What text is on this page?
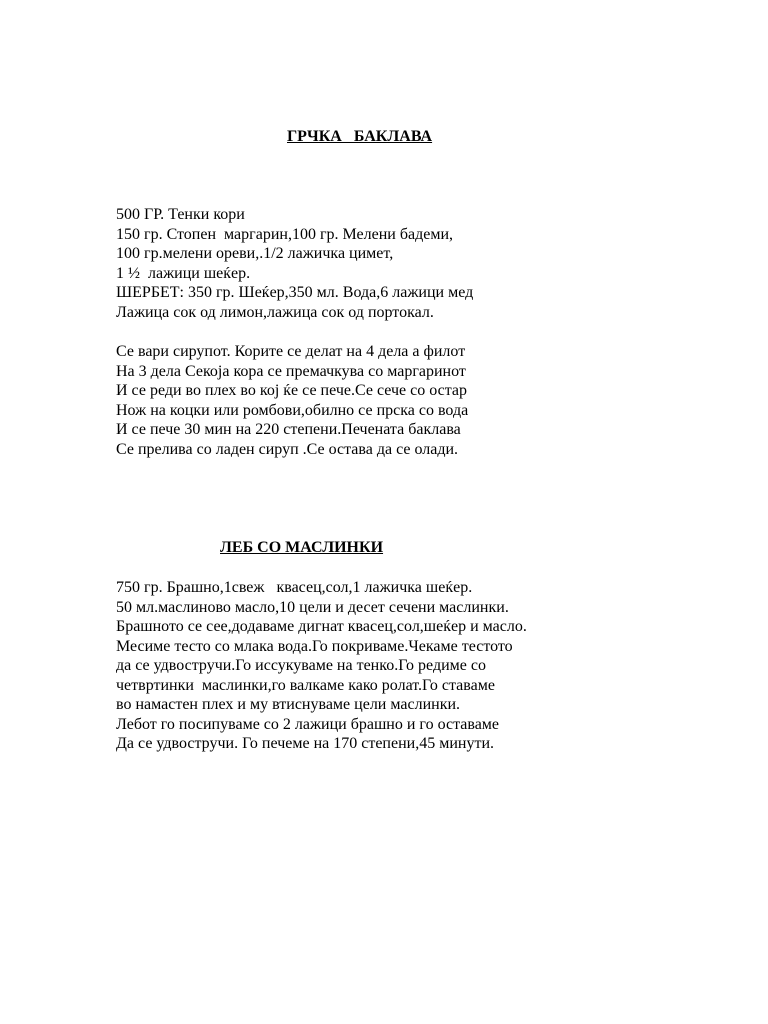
ГРЧКА   БАКЛАВА
500 ГР. Тенки кори
150 гр. Стопен  маргарин,100 гр. Мелени бадеми,
100 гр.мелени ореви,.1/2 лажичка цимет,
1 ½  лажици шеќер.
ШЕРБЕТ: 350 гр. Шеќер,350 мл. Вода,6 лажици мед
Лажица сок од лимон,лажица сок од портокал.
Се вари сирупот. Корите се делат на 4 дела а филот
На 3 дела Секоја кора се премачкува со маргаринот
И се реди во плех во кој ќе се пече.Се сече со остар
Нож на коцки или ромбови,обилно се прска со вода
И се пече 30 мин на 220 степени.Печената баклава
Се прелива со ладен сируп .Се остава да се олади.
ЛЕБ СО МАСЛИНКИ
750 гр. Брашно,1свеж   квасец,сол,1 лажичка шеќер.
50 мл.маслиново масло,10 цели и десет сечени маслинки.
Брашното се сее,додаваме дигнат квасец,сол,шеќер и масло.
Месиме тесто со млака вода.Го покриваме.Чекаме тестото
да се удвостручи.Го иссукуваме на тенко.Го редиме со
четвртинки  маслинки,го валкаме како ролат.Го ставаме
во намастен плех и му втиснуваме цели маслинки.
Лебот го посипуваме со 2 лажици брашно и го оставаме
Да се удвостручи. Го печеме на 170 степени,45 минути.
